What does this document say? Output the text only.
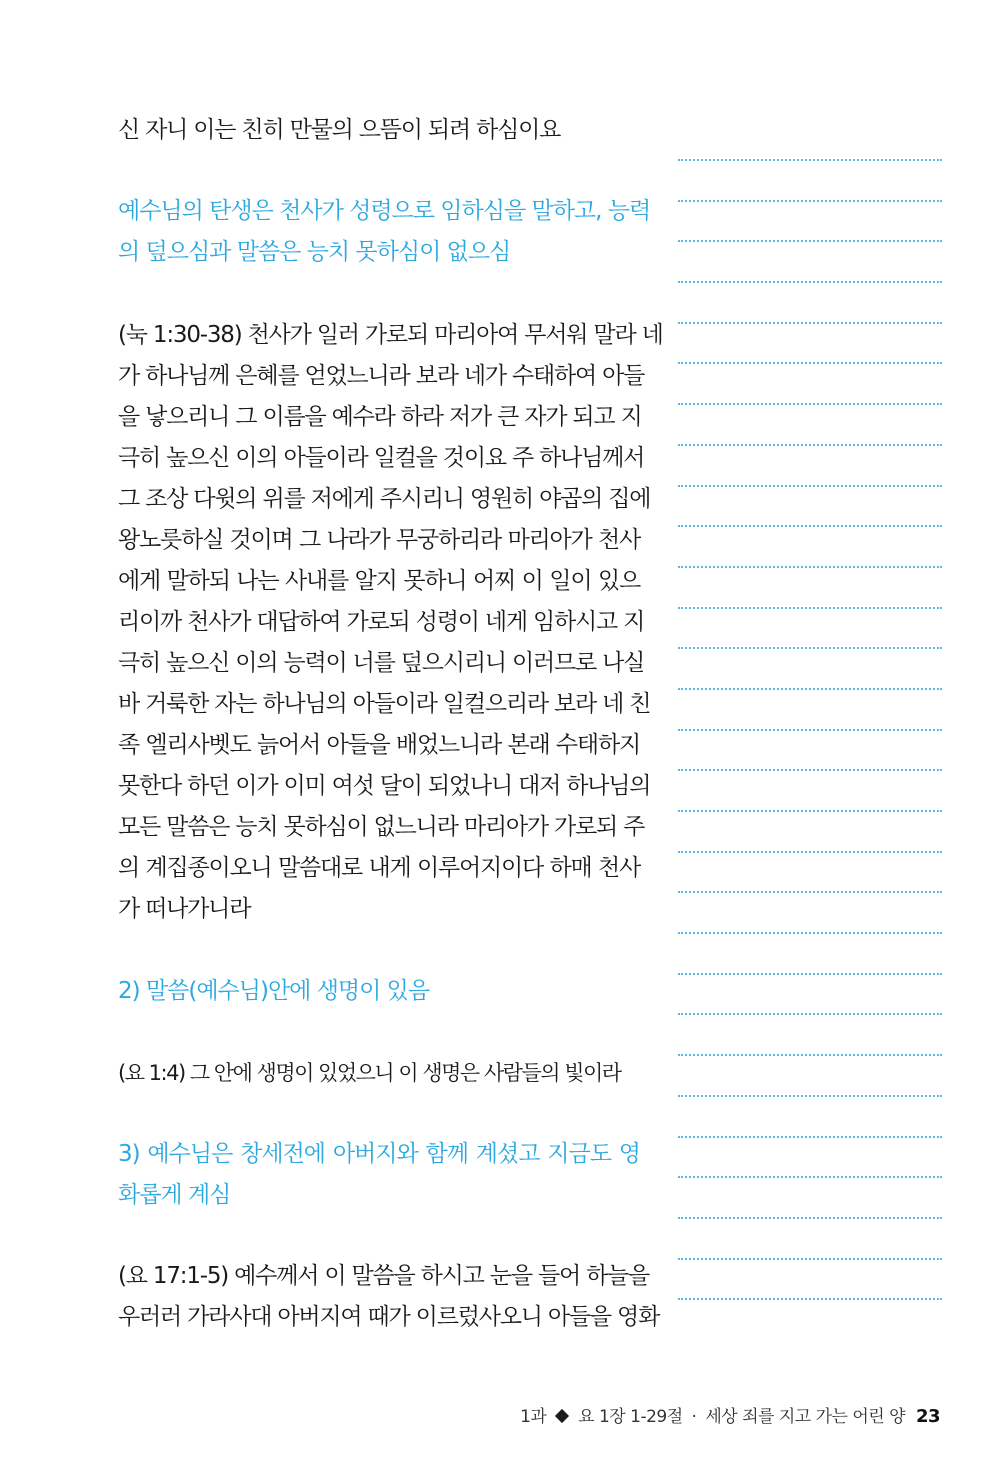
신 자니 이는 친히 만물의 으뜸이 되려 하심이요
예수님의 탄생은 천사가 성령으로 임하심을 말하고, 능력
의 덮으심과 말씀은 능치 못하심이 없으심
(눅 1:30-38) 천사가 일러 가로되 마리아여 무서워 말라 네
가 하나님께 은혜를 얻었느니라 보라 네가 수태하여 아들
을 낳으리니 그 이름을 예수라 하라 저가 큰 자가 되고 지
극히 높으신 이의 아들이라 일컬을 것이요 주 하나님께서
그 조상 다윗의 위를 저에게 주시리니 영원히 야곱의 집에
왕노릇하실 것이며 그 나라가 무궁하리라 마리아가 천사
에게 말하되 나는 사내를 알지 못하니 어찌 이 일이 있으
리이까 천사가 대답하여 가로되 성령이 네게 임하시고 지
극히 높으신 이의 능력이 너를 덮으시리니 이러므로 나실
바 거룩한 자는 하나님의 아들이라 일컬으리라 보라 네 친
족 엘리사벳도 늙어서 아들을 배었느니라 본래 수태하지
못한다 하던 이가 이미 여섯 달이 되었나니 대저 하나님의
모든 말씀은 능치 못하심이 없느니라 마리아가 가로되 주
의 계집종이오니 말씀대로 내게 이루어지이다 하매 천사
가 떠나가니라
2) 말씀(예수님)안에 생명이 있음
(요 1:4) 그 안에 생명이 있었으니 이 생명은 사람들의 빛이라
3) 예수님은 창세전에 아버지와 함께 계셨고 지금도 영
화롭게 계심
(요 17:1-5) 예수께서 이 말씀을 하시고 눈을 들어 하늘을
우러러 가라사대 아버지여 때가 이르렀사오니 아들을 영화
1과 요 1장 1-29절 · 세상 죄를 지고 가는 어린 양 23
